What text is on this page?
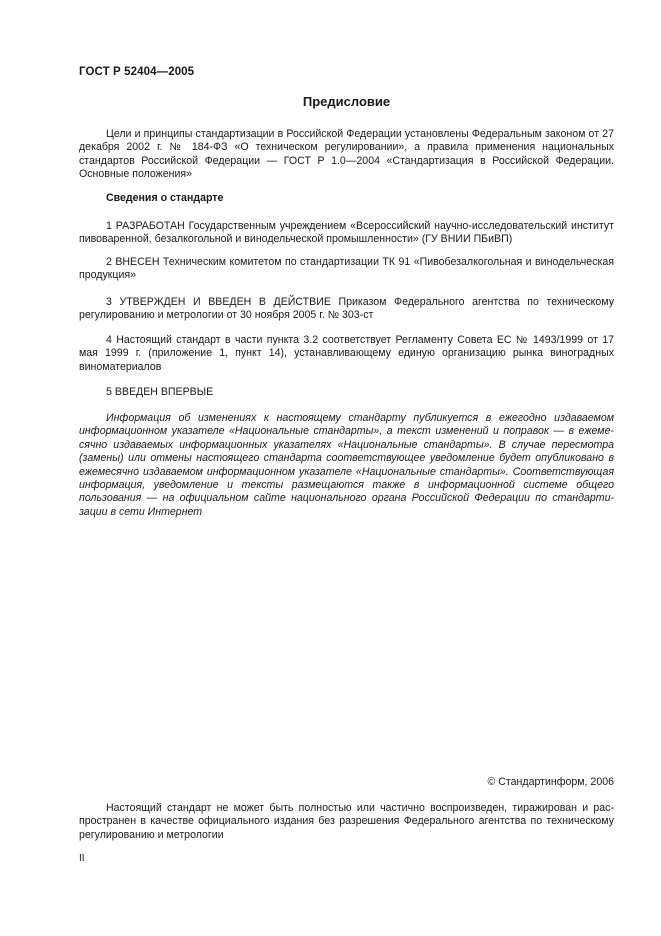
ГОСТ Р 52404—2005
Предисловие

Цели и принципы стандартизации в Российской Федерации установлены Федеральным законом от 27 декабря 2002 г. № 184-ФЗ «О техническом регулировании», а правила применения национальных стандартов Российской Федерации — ГОСТ Р 1.0—2004 «Стандартизация в Российской Федерации. Основные положения»

Сведения о стандарте

1 РАЗРАБОТАН Государственным учреждением «Всероссийский научно-исследовательский институт пивоваренной, безалкогольной и винодельческой промышленности» (ГУ ВНИИ ПБиВП)

2 ВНЕСЕН Техническим комитетом по стандартизации ТК 91 «Пивобезалкогольная и винодельческая продукция»

3 УТВЕРЖДЕН И ВВЕДЕН В ДЕЙСТВИЕ Приказом Федерального агентства по техническому регулированию и метрологии от 30 ноября 2005 г. № 303-ст

4 Настоящий стандарт в части пункта 3.2 соответствует Регламенту Совета ЕС № 1493/1999 от 17 мая 1999 г. (приложение 1, пункт 14), устанавливающему единую организацию рынка виноградных виноматериалов

5 ВВЕДЕН ВПЕРВЫЕ

Информация об изменениях к настоящему стандарту публикуется в ежегодно издаваемом информационном указателе «Национальные стандарты», а текст изменений и поправок — в ежемесячно издаваемых информационных указателях «Национальные стандарты». В случае пересмотра (замены) или отмены настоящего стандарта соответствующее уведомление будет опубликовано в ежемесячно издаваемом информационном указателе «Национальные стандарты». Соответствующая информация, уведомление и тексты размещаются также в информационной системе общего пользования — на официальном сайте национального органа Российской Федерации по стандартизации в сети Интернет

© Стандартинформ, 2006

Настоящий стандарт не может быть полностью или частично воспроизведен, тиражирован и распространен в качестве официального издания без разрешения Федерального агентства по техническому регулированию и метрологии

II
